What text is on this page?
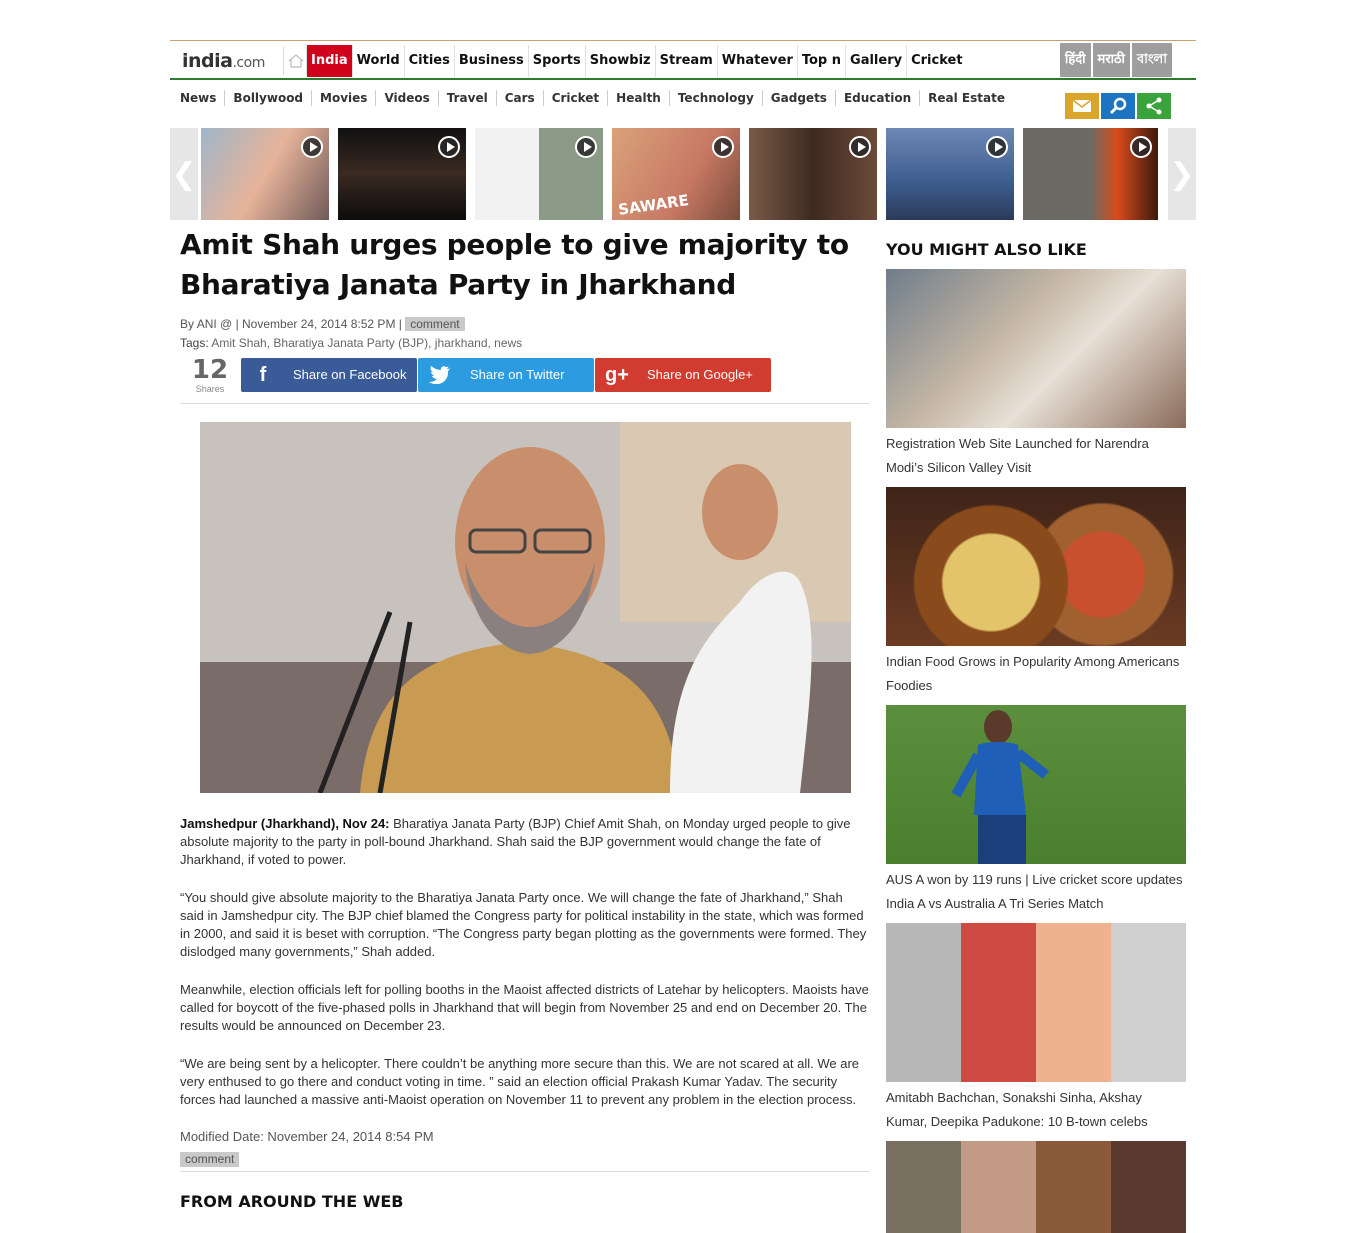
india.com	India World Cities Business Sports Showbiz Stream Whatever Top n Gallery Cricket	हिंदी मराठी বাংলা
News	Bollywood	Movies	Videos	Travel	Cars	Cricket	Health	Technology	Gadgets	Education	Real Estate
❮
SAWARE
❯
Amit Shah urges people to give majority to Bharatiya Janata Party in Jharkhand
By ANI @ | November 24, 2014 8:52 PM | comment
Tags: Amit Shah, Bharatiya Janata Party (BJP), jharkhand, news
12
Shares
f	Share on Facebook	Share on Twitter	g+	Share on Google+

Jamshedpur (Jharkhand), Nov 24: Bharatiya Janata Party (BJP) Chief Amit Shah, on Monday urged people to give absolute majority to the party in poll-bound Jharkhand. Shah said the BJP government would change the fate of Jharkhand, if voted to power.

“You should give absolute majority to the Bharatiya Janata Party once. We will change the fate of Jharkhand,” Shah said in Jamshedpur city. The BJP chief blamed the Congress party for political instability in the state, which was formed in 2000, and said it is beset with corruption. “The Congress party began plotting as the governments were formed. They dislodged many governments,” Shah added.

Meanwhile, election officials left for polling booths in the Maoist affected districts of Latehar by helicopters. Maoists have called for boycott of the five-phased polls in Jharkhand that will begin from November 25 and end on December 20. The results would be announced on December 23.

“We are being sent by a helicopter. There couldn’t be anything more secure than this. We are not scared at all. We are very enthused to go there and conduct voting in time. ” said an election official Prakash Kumar Yadav. The security forces had launched a massive anti-Maoist operation on November 11 to prevent any problem in the election process.

Modified Date: November 24, 2014 8:54 PM
comment
FROM AROUND THE WEB
YOU MIGHT ALSO LIKE
Registration Web Site Launched for Narendra Modi’s Silicon Valley Visit
Indian Food Grows in Popularity Among Americans Foodies
AUS A won by 119 runs | Live cricket score updates India A vs Australia A Tri Series Match
Amitabh Bachchan, Sonakshi Sinha, Akshay Kumar, Deepika Padukone: 10 B-town celebs
